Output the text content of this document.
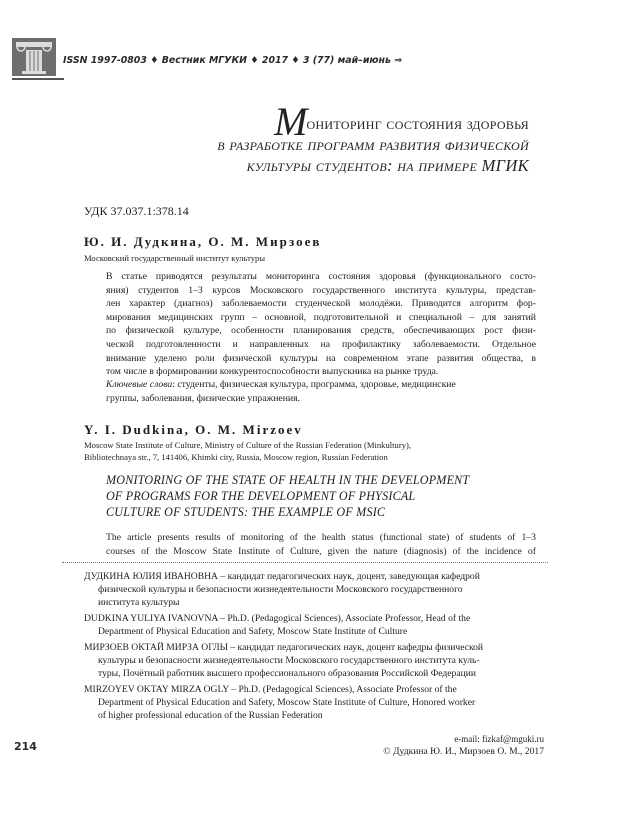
ISSN 1997-0803 ♦ Вестник МГУКИ ♦ 2017 ♦ 3 (77) май–июнь ⇒
Мониторинг состояния здоровья
в разработке программ развития физической
культуры студентов: на примере МГИК
УДК 37.037.1:378.14
Ю. И. Дудкина, О. М. Мирзоев
Московский государственный институт культуры
В статье приводятся результаты мониторинга состояния здоровья (функционального состо-
яния) студентов 1–3 курсов Московского государственного института культуры, представ-
лен характер (диагноз) заболеваемости студенческой молодёжи. Приводится алгоритм фор-
мирования медицинских групп – основной, подготовительной и специальной – для занятий
по физической культуре, особенности планирования средств, обеспечивающих рост физи-
ческой подготовленности и направленных на профилактику заболеваемости. Отдельное
внимание уделено роли физической культуры на современном этапе развития общества, в
том числе в формировании конкурентоспособности выпускника на рынке труда.
Ключевые слова: студенты, физическая культура, программа, здоровье, медицинские
группы, заболевания, физические упражнения.
Y. I. Dudkina, O. M. Mirzoev
Moscow State Institute of Culture, Ministry of Culture of the Russian Federation (Minkultury),
Bibliotechnaya str., 7, 141406, Khimki city, Russia, Moscow region, Russian Federation
MONITORING OF THE STATE OF HEALTH IN THE DEVELOPMENT
OF PROGRAMS FOR THE DEVELOPMENT OF PHYSICAL
CULTURE OF STUDENTS: THE EXAMPLE OF MSIC
The article presents results of monitoring of the health status (functional state) of students of 1–3
courses of the Moscow State Institute of Culture, given the nature (diagnosis) of the incidence of
ДУДКИНА ЮЛИЯ ИВАНОВНА – кандидат педагогических наук, доцент, заведующая кафедрой
физической культуры и безопасности жизнедеятельности Московского государственного
института культуры
DUDKINA YULIYA IVANOVNA – Ph.D. (Pedagogical Sciences), Associate Professor, Head of the
Department of Physical Education and Safety, Moscow State Institute of Culture
МИРЗОЕВ ОКТАЙ МИРЗА ОГЛЫ – кандидат педагогических наук, доцент кафедры физической
культуры и безопасности жизнедеятельности Московского государственного института куль-
туры, Почётный работник высшего профессионального образования Российской Федерации
MIRZOYEV OKTAY MIRZA OGLY – Ph.D. (Pedagogical Sciences), Associate Professor of the
Department of Physical Education and Safety, Moscow State Institute of Culture, Honored worker
of higher professional education of the Russian Federation
e-mail: fizkaf@mguki.ru
© Дудкина Ю. И., Мирзоев О. М., 2017
214
